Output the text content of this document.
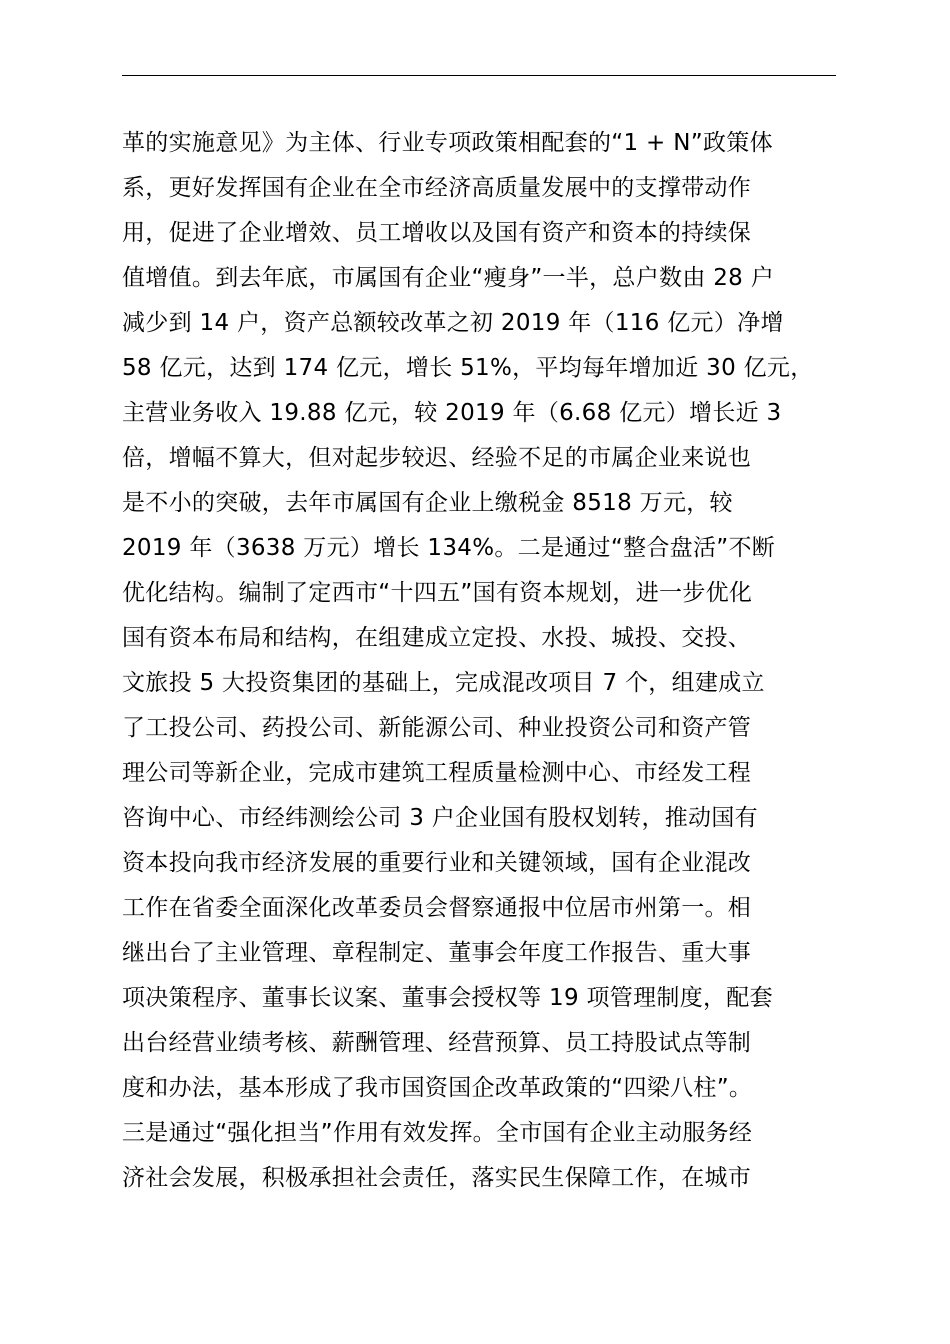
革的实施意见》为主体、行业专项政策相配套的“1 + N”政策体
系，更好发挥国有企业在全市经济高质量发展中的支撑带动作
用，促进了企业增效、员工增收以及国有资产和资本的持续保
值增值。到去年底，市属国有企业“瘦身”一半，总户数由 28 户
减少到 14 户，资产总额较改革之初 2019 年（116 亿元）净增
58 亿元，达到 174 亿元，增长 51%，平均每年增加近 30 亿元，
主营业务收入 19.88 亿元，较 2019 年（6.68 亿元）增长近 3
倍，增幅不算大，但对起步较迟、经验不足的市属企业来说也
是不小的突破，去年市属国有企业上缴税金 8518 万元，较
2019 年（3638 万元）增长 134%。二是通过“整合盘活”不断
优化结构。编制了定西市“十四五”国有资本规划，进一步优化
国有资本布局和结构，在组建成立定投、水投、城投、交投、
文旅投 5 大投资集团的基础上，完成混改项目 7 个，组建成立
了工投公司、药投公司、新能源公司、种业投资公司和资产管
理公司等新企业，完成市建筑工程质量检测中心、市经发工程
咨询中心、市经纬测绘公司 3 户企业国有股权划转，推动国有
资本投向我市经济发展的重要行业和关键领域，国有企业混改
工作在省委全面深化改革委员会督察通报中位居市州第一。相
继出台了主业管理、章程制定、董事会年度工作报告、重大事
项决策程序、董事长议案、董事会授权等 19 项管理制度，配套
出台经营业绩考核、薪酬管理、经营预算、员工持股试点等制
度和办法，基本形成了我市国资国企改革政策的“四梁八柱”。
三是通过“强化担当”作用有效发挥。全市国有企业主动服务经
济社会发展，积极承担社会责任，落实民生保障工作，在城市
